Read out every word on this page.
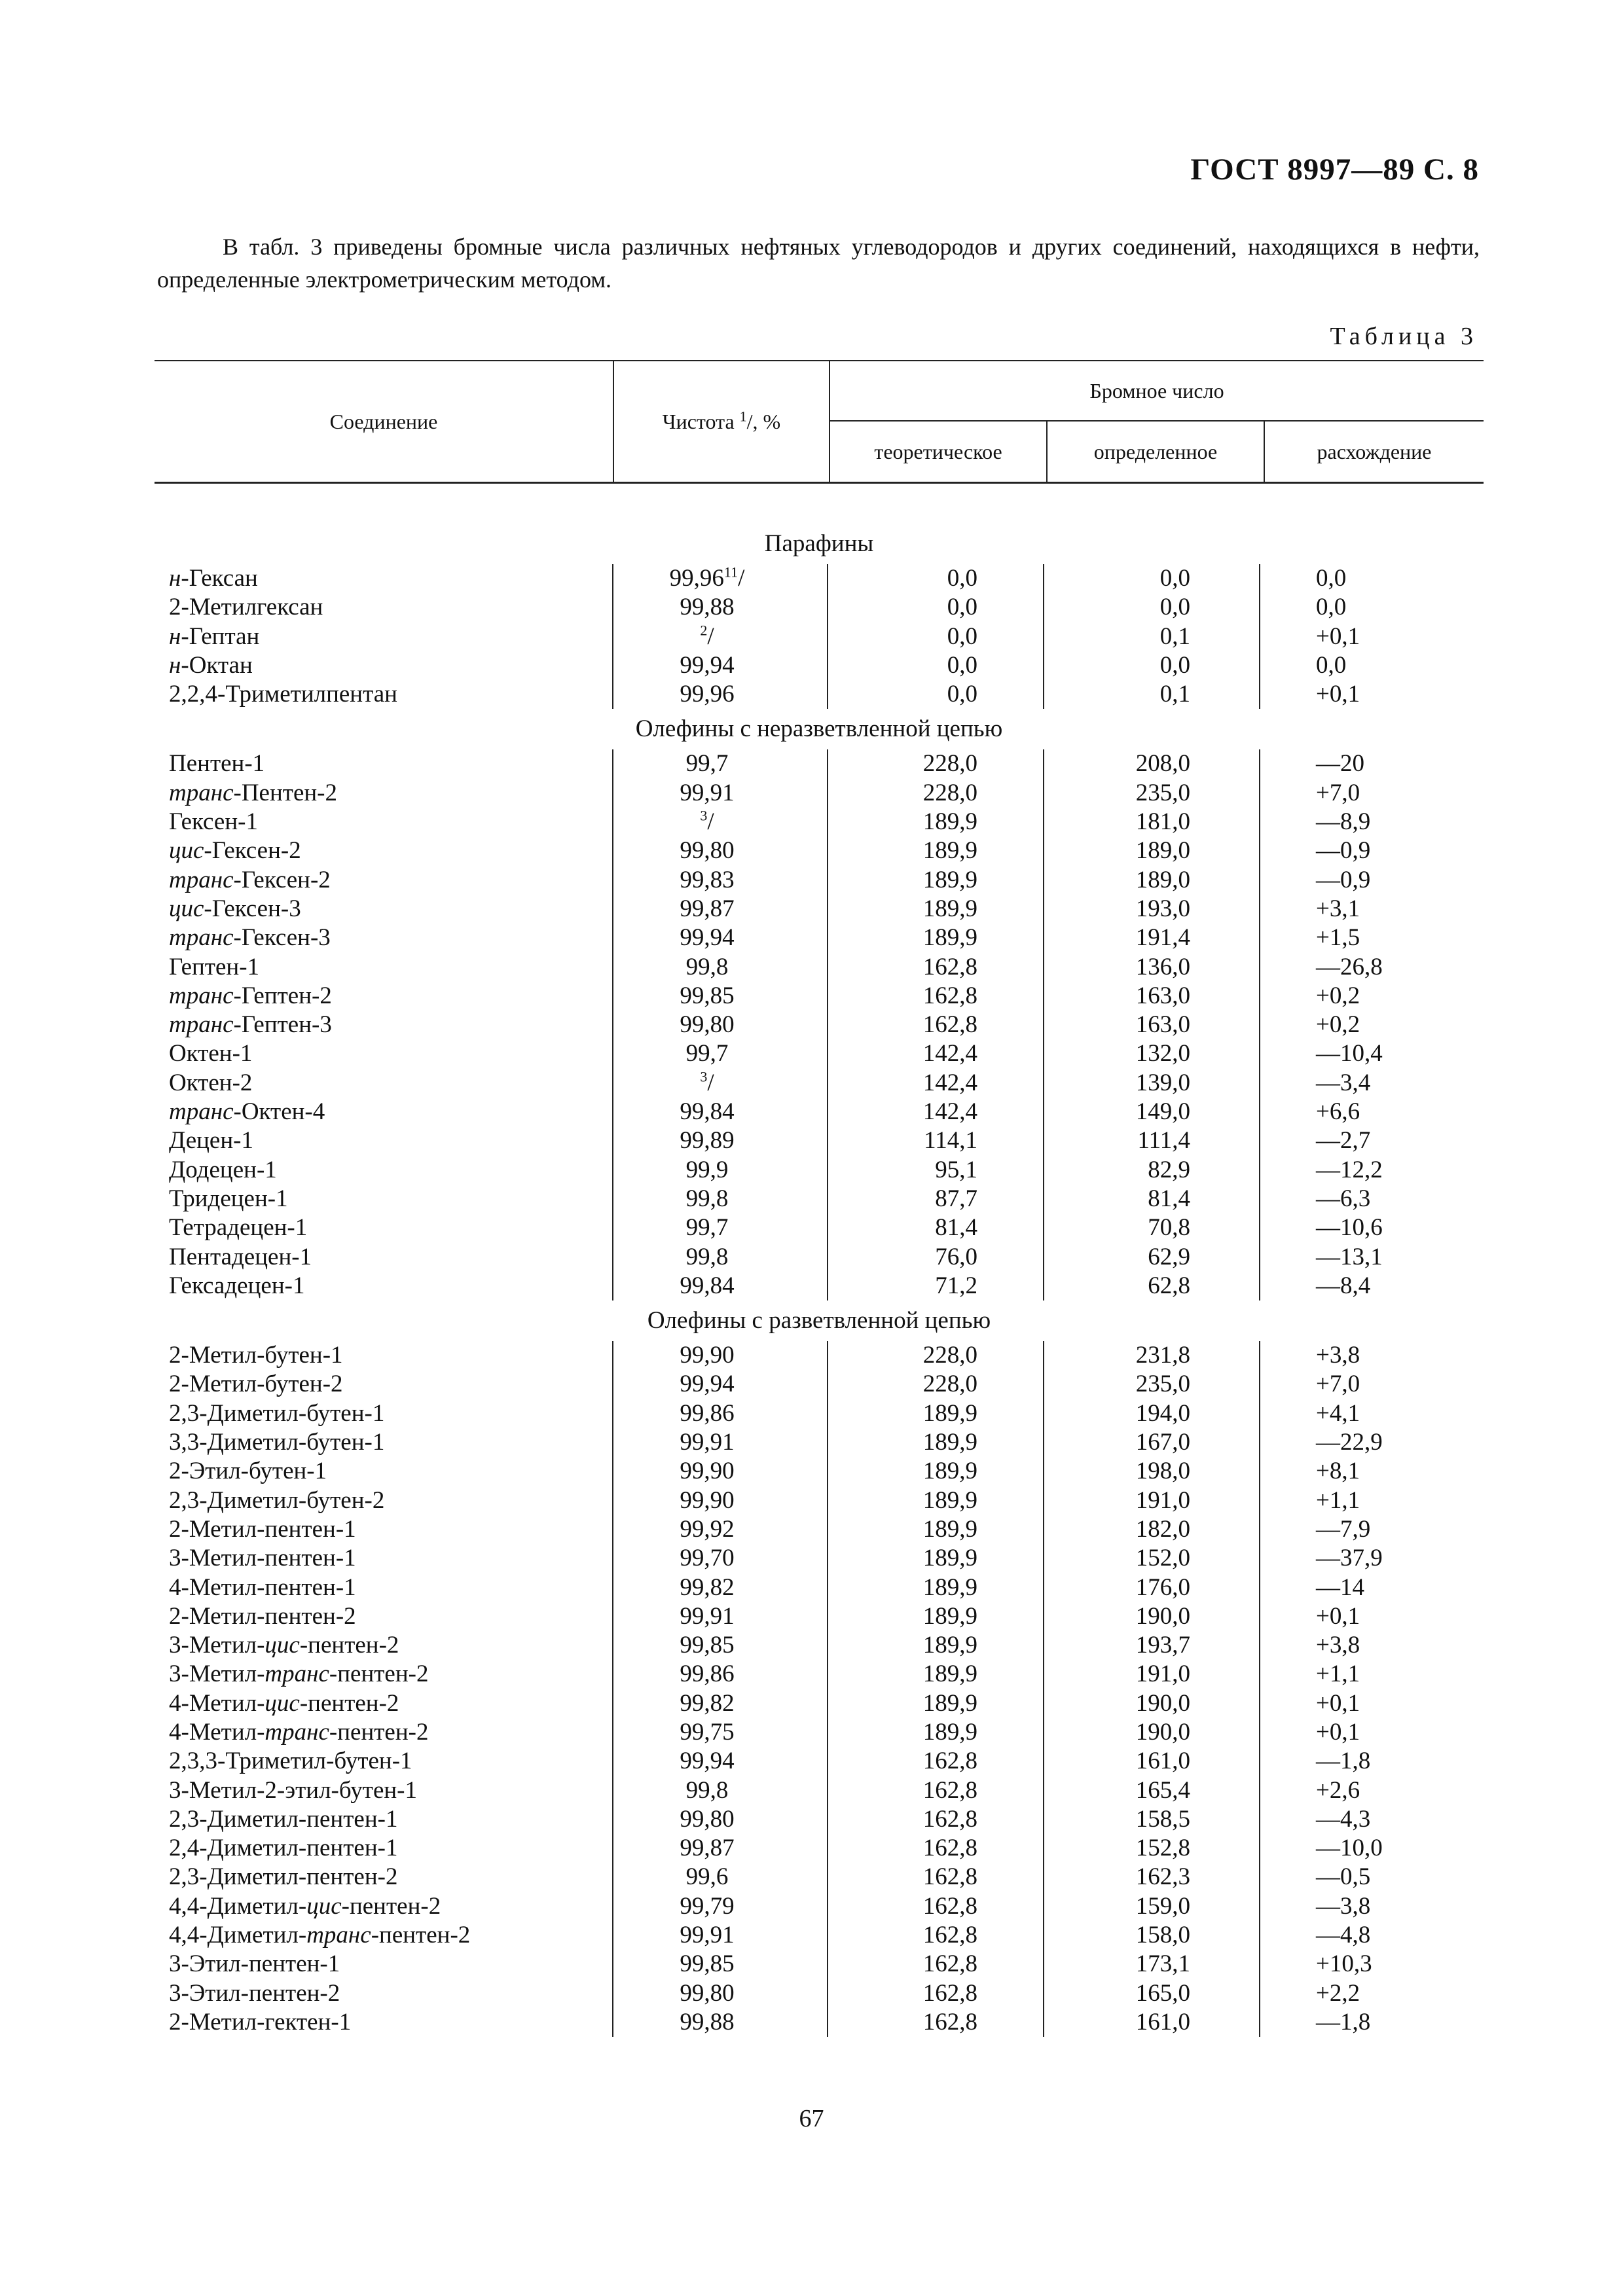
ГОСТ 8997—89 С. 8
В табл. 3 приведены бромные числа различных нефтяных углеводородов и других соединений, находящихся в нефти, определенные электрометрическим методом.
Таблица 3
Соединение	Чистота $^1$/, %	Бромное число		
		теоретическое	определенное	расхождение
Парафины				
н-Гексан	99,96$^{11}$/	0,0	0,0	0,0
2-Метилгексан	99,88	0,0	0,0	0,0
н-Гептан	$^2$/	0,0	0,1	+0,1
н-Октан	99,94	0,0	0,0	0,0
2,2,4-Триметилпентан	99,96	0,0	0,1	+0,1
Олефины с неразветвленной цепью				
Пентен-1	99,7	228,0	208,0	—20
транс-Пентен-2	99,91	228,0	235,0	+7,0
Гексен-1	$^3$/	189,9	181,0	—8,9
цис-Гексен-2	99,80	189,9	189,0	—0,9
транс-Гексен-2	99,83	189,9	189,0	—0,9
цис-Гексен-3	99,87	189,9	193,0	+3,1
транс-Гексен-3	99,94	189,9	191,4	+1,5
Гептен-1	99,8	162,8	136,0	—26,8
транс-Гептен-2	99,85	162,8	163,0	+0,2
транс-Гептен-3	99,80	162,8	163,0	+0,2
Октен-1	99,7	142,4	132,0	—10,4
Октен-2	$^3$/	142,4	139,0	—3,4
транс-Октен-4	99,84	142,4	149,0	+6,6
Децен-1	99,89	114,1	111,4	—2,7
Додецен-1	99,9	95,1	82,9	—12,2
Тридецен-1	99,8	87,7	81,4	—6,3
Тетрадецен-1	99,7	81,4	70,8	—10,6
Пентадецен-1	99,8	76,0	62,9	—13,1
Гексадецен-1	99,84	71,2	62,8	—8,4
Олефины с разветвленной цепью				
2-Метил-бутен-1	99,90	228,0	231,8	+3,8
2-Метил-бутен-2	99,94	228,0	235,0	+7,0
2,3-Диметил-бутен-1	99,86	189,9	194,0	+4,1
3,3-Диметил-бутен-1	99,91	189,9	167,0	—22,9
2-Этил-бутен-1	99,90	189,9	198,0	+8,1
2,3-Диметил-бутен-2	99,90	189,9	191,0	+1,1
2-Метил-пентен-1	99,92	189,9	182,0	—7,9
3-Метил-пентен-1	99,70	189,9	152,0	—37,9
4-Метил-пентен-1	99,82	189,9	176,0	—14
2-Метил-пентен-2	99,91	189,9	190,0	+0,1
3-Метил-цис-пентен-2	99,85	189,9	193,7	+3,8
3-Метил-транс-пентен-2	99,86	189,9	191,0	+1,1
4-Метил-цис-пентен-2	99,82	189,9	190,0	+0,1
4-Метил-транс-пентен-2	99,75	189,9	190,0	+0,1
2,3,3-Триметил-бутен-1	99,94	162,8	161,0	—1,8
3-Метил-2-этил-бутен-1	99,8	162,8	165,4	+2,6
2,3-Диметил-пентен-1	99,80	162,8	158,5	—4,3
2,4-Диметил-пентен-1	99,87	162,8	152,8	—10,0
2,3-Диметил-пентен-2	99,6	162,8	162,3	—0,5
4,4-Диметил-цис-пентен-2	99,79	162,8	159,0	—3,8
4,4-Диметил-транс-пентен-2	99,91	162,8	158,0	—4,8
3-Этил-пентен-1	99,85	162,8	173,1	+10,3
3-Этил-пентен-2	99,80	162,8	165,0	+2,2
2-Метил-гектен-1	99,88	162,8	161,0	—1,8
67
